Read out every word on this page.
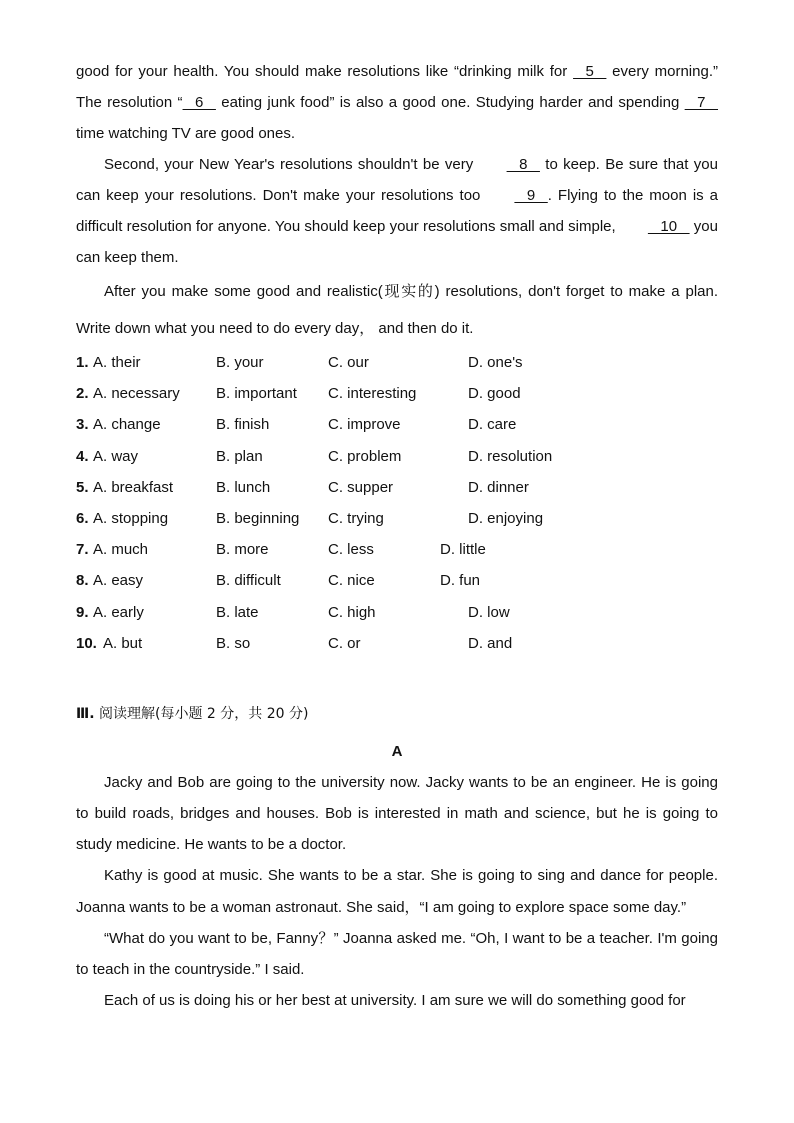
good for your health. You should make resolutions like “drinking milk for    5    every morning.” The resolution “   6    eating junk food” is also a good one. Studying harder and spending    7    time watching TV are good ones.

Second, your New Year's resolutions shouldn't be very    8    to keep. Be sure that you can keep your resolutions. Don't make your resolutions too    9   . Flying to the moon is a difficult resolution for anyone. You should keep your resolutions small and simple,    10    you can keep them.

After you make some good and realistic(现实的) resolutions, don't forget to make a plan. Write down what you need to do every day， and then do it.

1. A. their	B. your	C. our	D. one's
2. A. necessary B. important C. interesting	D. good
3. A. change	B. finish	C. improve	D. care
4. A. way	B. plan	C. problem	D. resolution
5. A. breakfast	B. lunch	C. supper	D. dinner
6. A. stopping	B. beginning C. trying	D. enjoying
7. A. much	B. more	C. less	D. little
8. A. easy	B. difficult	C. nice	D. fun
9. A. early	B. late	C. high	D. low
10. A. but	B. so	C. or	D. and
Ⅲ. 阅读理解(每小题 2 分，共 20 分)
A

Jacky and Bob are going to the university now. Jacky wants to be an engineer. He is going to build roads, bridges and houses. Bob is interested in math and science, but he is going to study medicine. He wants to be a doctor.

Kathy is good at music. She wants to be a star. She is going to sing and dance for people. Joanna wants to be a woman astronaut. She said，“I am going to explore space some day.”

“What do you want to be, Fanny？” Joanna asked me. “Oh, I want to be a teacher. I'm going to teach in the countryside.” I said.

Each of us is doing his or her best at university. I am sure we will do something good for
